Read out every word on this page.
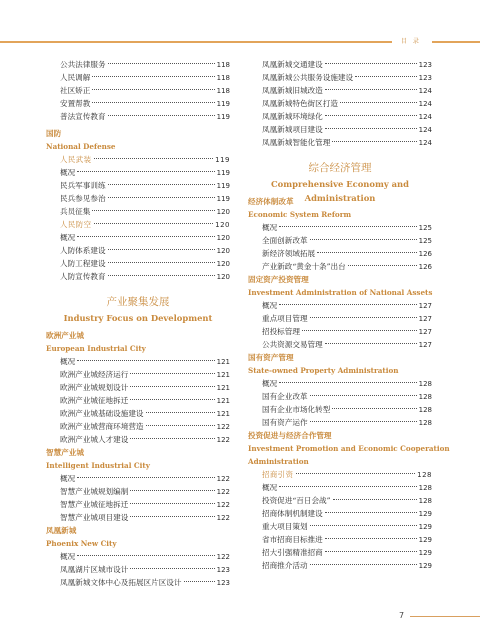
目 录
公共法律服务	118
人民调解	118
社区矫正	118
安置帮教	119
普法宣传教育	119
国防
National Defense
人民武装	119
概况	119
民兵军事训练	119
民兵参见参治	119
兵员征集	120
人民防空	120
概况	120
人防体系建设	120
人防工程建设	120
人防宣传教育	120
产业聚集发展
Industry Focus on Development
欧洲产业城
European Industrial City
概况	121
欧洲产业城经济运行	121
欧洲产业城规划设计	121
欧洲产业城征地拆迁	121
欧洲产业城基础设施建设	121
欧洲产业城营商环境营造	122
欧洲产业城人才建设	122
智慧产业城
Intelligent Industrial City
概况	122
智慧产业城规划编制	122
智慧产业城征地拆迁	122
智慧产业城项目建设	122
凤凰新城
Phoenix New City
概况	122
凤凰湖片区城市设计	123
凤凰新城文体中心及拓展区片区设计	123
凤凰新城交通建设	123
凤凰新城公共服务设施建设	123
凤凰新城旧城改造	124
凤凰新城特色街区打造	124
凤凰新城环境绿化	124
凤凰新城项目建设	124
凤凰新城智能化管理	124
综合经济管理
Comprehensive Economy and Administration
经济体制改革
Economic System Reform
概况	125
全面创新改革	125
新经济领域拓展	126
产业新政“黄金十条”出台	126
固定资产投资管理
Investment Administration of National Assets
概况	127
重点项目管理	127
招投标管理	127
公共资源交易管理	127
国有资产管理
State-owned Property Administration
概况	128
国有企业改革	128
国有企业市场化转型	128
国有资产运作	128
投资促进与经济合作管理
Investment Promotion and Economic Cooperation
Administration
招商引资	128
概况	128
投资促进“百日会战”	128
招商体制机制建设	129
重大项目策划	129
省市招商目标推进	129
招大引强精准招商	129
招商推介活动	129
7
